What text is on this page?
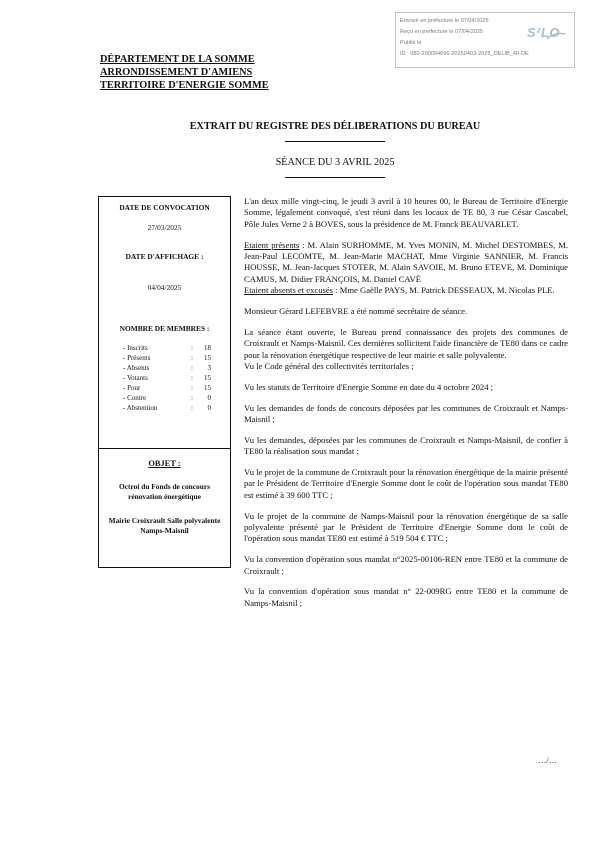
Envoyé en préfecture le 07/04/2025
Reçu en préfecture le 07/04/2025
Publié le
ID : 080-200094696-20250403-2025_DELIB_40-DE
S²LO
DÉPARTEMENT DE LA SOMME
ARRONDISSEMENT D'AMIENS
TERRITOIRE D'ENERGIE SOMME
EXTRAIT DU REGISTRE DES DÉLIBERATIONS DU BUREAU
SÉANCE DU 3 AVRIL 2025
DATE DE CONVOCATION
27/03/2025
DATE D'AFFICHAGE :
04/04/2025
NOMBRE DE MEMBRES :
- Inscrits	:	18
- Présents	:	15
- Absents	:	3
- Votants	:	15
- Pour	:	15
- Contre	:	0
- Abstention	:	0
OBJET :
Octroi du Fonds de concours rénovation énergétique
Mairie Croixrault Salle polyvalente Namps-Maisnil

L'an deux mille vingt-cinq, le jeudi 3 avril à 10 heures 00, le Bureau de Territoire d'Energie Somme, légalement convoqué, s'est réuni dans les locaux de TE 80, 3 rue César Cascabel, Pôle Jules Verne 2 à BOVES, sous la présidence de M. Franck BEAUVARLET.

Etaient présents : M. Alain SURHOMME, M. Yves MONIN, M. Michel DESTOMBES, M. Jean-Paul LECOMTE, M. Jean-Marie MACHAT, Mme Virginie SANNIER, M. Francis HOUSSE, M. Jean-Jacques STOTER, M. Alain SAVOIE, M. Bruno ETEVE, M. Dominique CAMUS, M. Didier FRANÇOIS, M. Daniel CAVÉ

Etaient absents et excusés : Mme Gaëlle PAYS, M. Patrick DESSEAUX, M. Nicolas PLE.

Monsieur Gérard LEFEBVRE a été nommé secrétaire de séance.

La séance étant ouverte, le Bureau prend connaissance des projets des communes de Croixrault et Namps-Maisnil. Ces dernières sollicitent l'aide financière de TE80 dans ce cadre pour la rénovation énergétique respective de leur mairie et salle polyvalente.

Vu le Code général des collectivités territoriales ;

Vu les statuts de Territoire d'Energie Somme en date du 4 octobre 2024 ;

Vu les demandes de fonds de concours déposées par les communes de Croixrault et Namps-Maisnil ;

Vu les demandes, déposées par les communes de Croixrault et Namps-Maisnil, de confier à TE80 la réalisation sous mandat ;

Vu le projet de la commune de Croixrault pour la rénovation énergétique de la mairie présenté par le Président de Territoire d'Energie Somme dont le coût de l'opération sous mandat TE80 est estimé à 39 600 TTC ;

Vu le projet de la commune de Namps-Maisnil pour la rénovation énergétique de sa salle polyvalente présenté par le Président de Territoire d'Energie Somme dont le coût de l'opération sous mandat TE80 est estimé à 519 504 € TTC ;

Vu la convention d'opération sous mandat n°2025-00106-REN entre TE80 et la commune de Croixrault ;

Vu la convention d'opération sous mandat n° 22-009RG entre TE80 et la commune de Namps-Maisnil ;

…/…
